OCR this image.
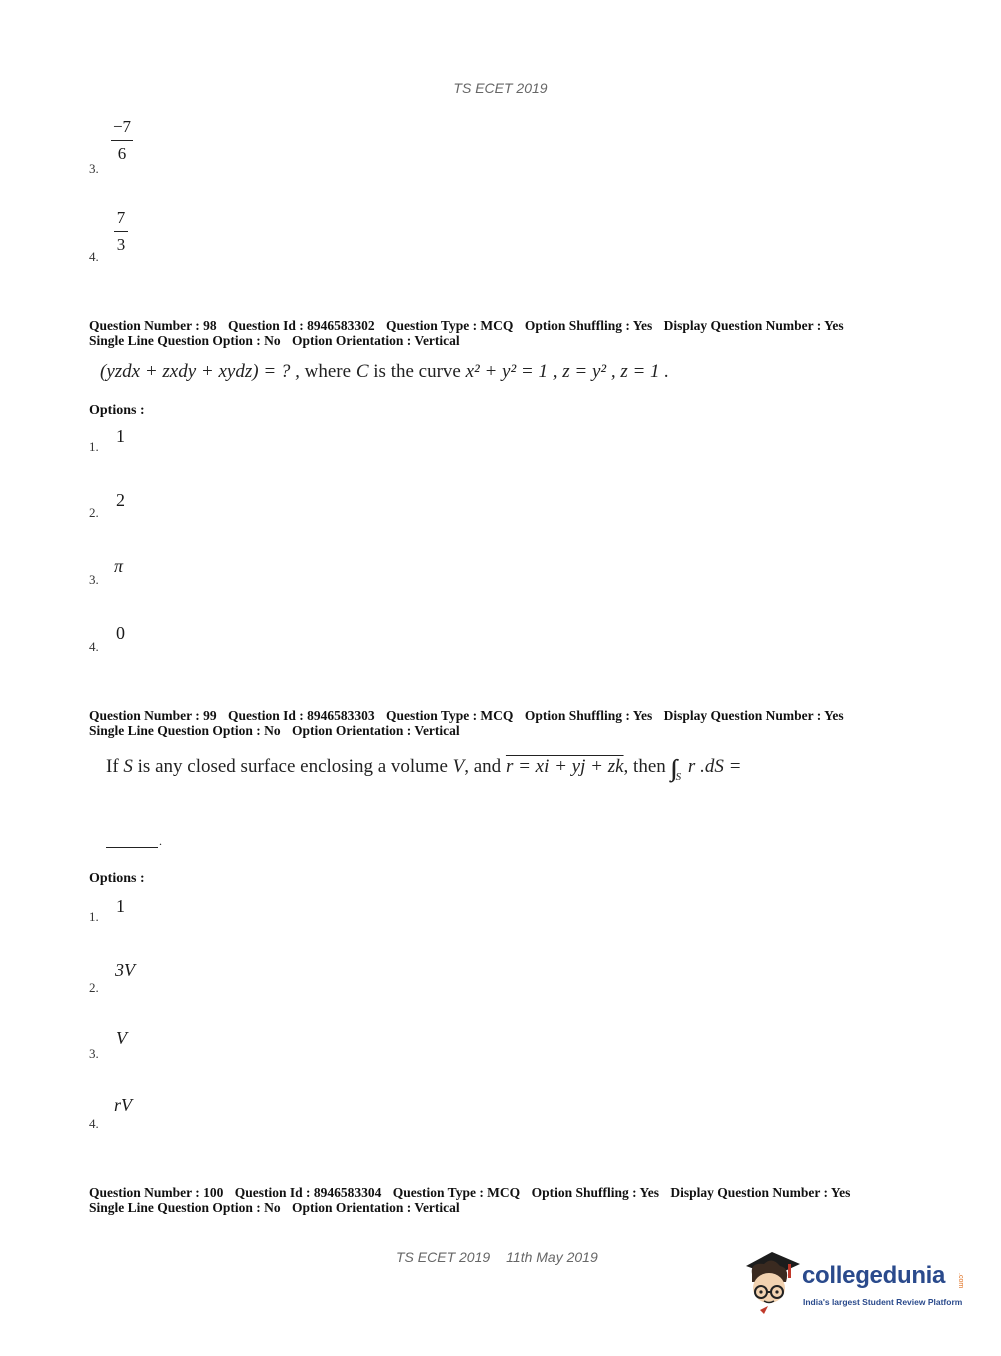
TS ECET 2019
−7
6
3.
7
3
4.
Question Number : 98 Question Id : 8946583302 Question Type : MCQ Option Shuffling : Yes Display Question Number : Yes
Single Line Question Option : No Option Orientation : Vertical
(yzdx + zxdy + xydz) = ? , where C is the curve x² + y² = 1 , z = y² , z = 1 .
Options :
1.
1
2.
2
3.
π
4.
0
Question Number : 99 Question Id : 8946583303 Question Type : MCQ Option Shuffling : Yes Display Question Number : Yes
Single Line Question Option : No Option Orientation : Vertical
If S is any closed surface enclosing a volume V, and r = xi + yj + zk, then ∫∫ $_S$ r .dS =
.
Options :
1.
1
2.
3V
3.
V
4.
rV
Question Number : 100 Question Id : 8946583304 Question Type : MCQ Option Shuffling : Yes Display Question Number : Yes
Single Line Question Option : No Option Orientation : Vertical
TS ECET 2019 11th May 2019
collegedunia .com
India's largest Student Review Platform
